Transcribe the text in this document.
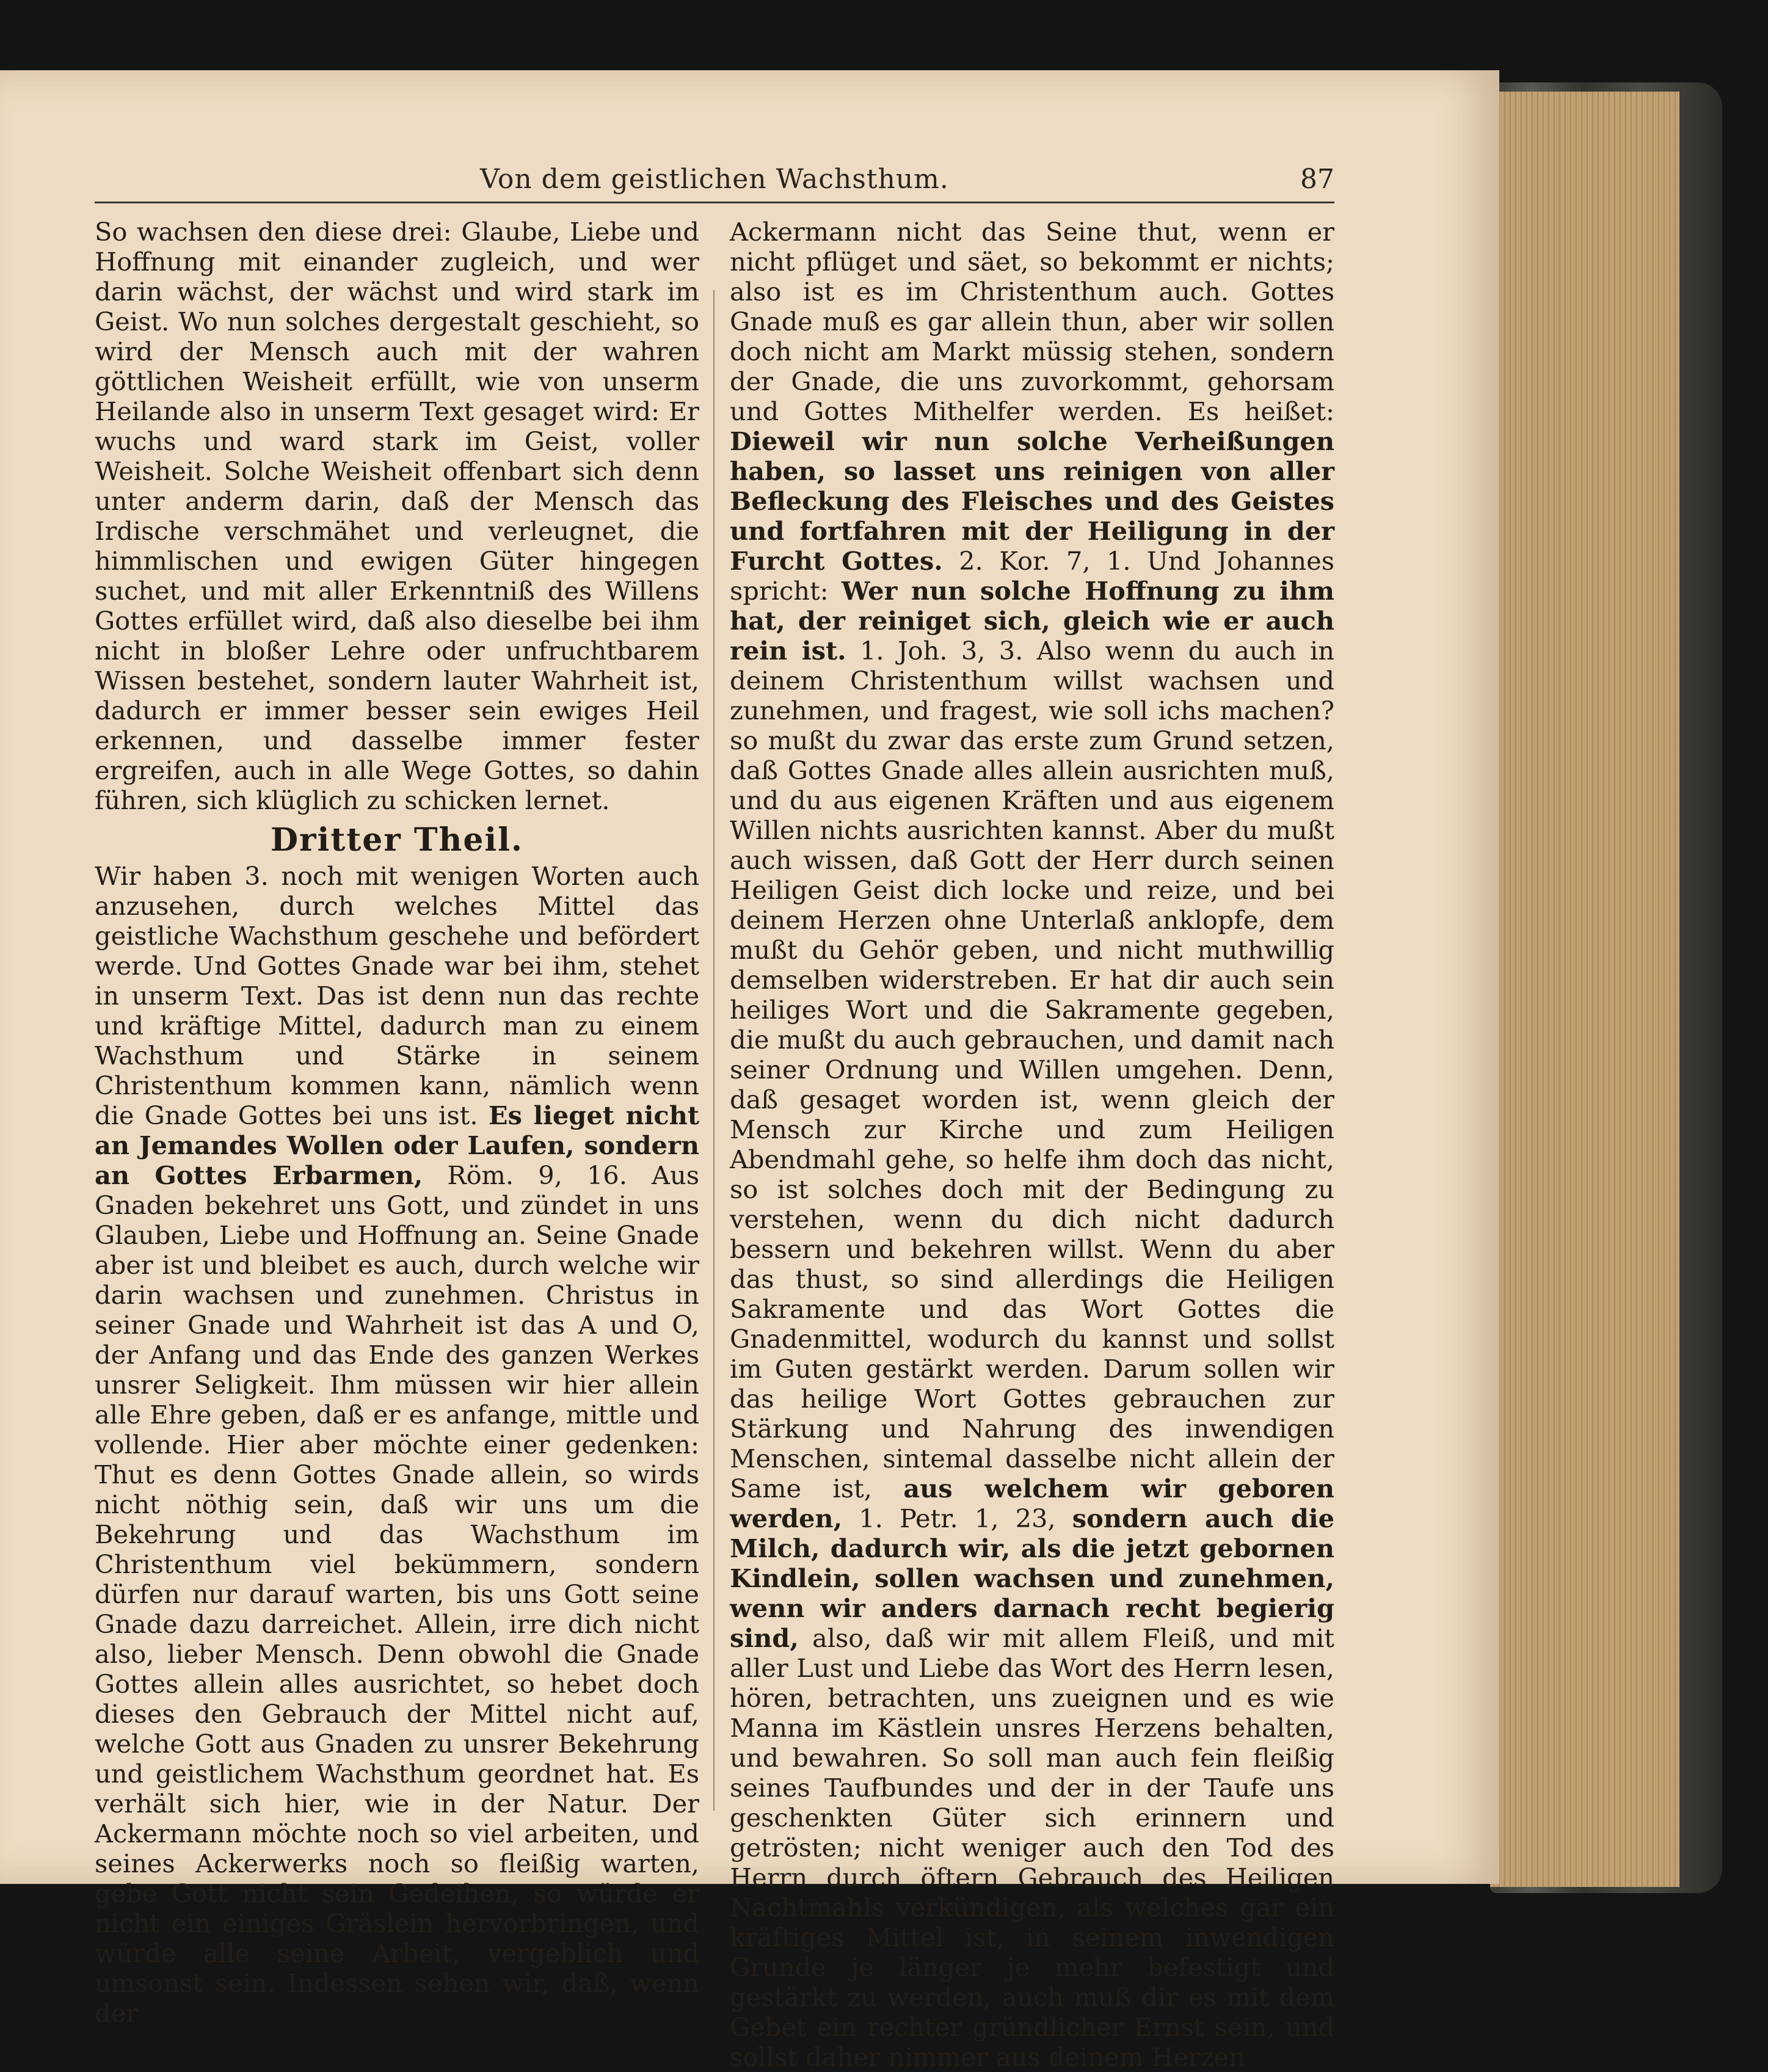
Von dem geistlichen Wachsthum.	87

So wachsen den diese drei: Glaube, Liebe und Hoffnung mit einander zugleich, und wer darin wächst, der wächst und wird stark im Geist. Wo nun solches dergestalt geschieht, so wird der Mensch auch mit der wahren göttlichen Weisheit erfüllt, wie von unserm Heilande also in unserm Text gesaget wird: Er wuchs und ward stark im Geist, voller Weisheit. Solche Weisheit offenbart sich denn unter anderm darin, daß der Mensch das Irdische verschmähet und verleugnet, die himmlischen und ewigen Güter hingegen suchet, und mit aller Erkenntniß des Willens Gottes erfüllet wird, daß also dieselbe bei ihm nicht in bloßer Lehre oder unfruchtbarem Wissen bestehet, sondern lauter Wahrheit ist, dadurch er immer besser sein ewiges Heil erkennen, und dasselbe immer fester ergreifen, auch in alle Wege Gottes, so dahin führen, sich klüglich zu schicken lernet.

Dritter Theil.

Wir haben 3. noch mit wenigen Worten auch anzusehen, durch welches Mittel das geistliche Wachsthum geschehe und befördert werde. Und Gottes Gnade war bei ihm, stehet in unserm Text. Das ist denn nun das rechte und kräftige Mittel, dadurch man zu einem Wachsthum und Stärke in seinem Christenthum kommen kann, nämlich wenn die Gnade Gottes bei uns ist. Es lieget nicht an Jemandes Wollen oder Laufen, sondern an Gottes Erbarmen, Röm. 9, 16. Aus Gnaden bekehret uns Gott, und zündet in uns Glauben, Liebe und Hoffnung an. Seine Gnade aber ist und bleibet es auch, durch welche wir darin wachsen und zunehmen. Christus in seiner Gnade und Wahrheit ist das A und O, der Anfang und das Ende des ganzen Werkes unsrer Seligkeit. Ihm müssen wir hier allein alle Ehre geben, daß er es anfange, mittle und vollende. Hier aber möchte einer gedenken: Thut es denn Gottes Gnade allein, so wirds nicht nöthig sein, daß wir uns um die Bekehrung und das Wachsthum im Christenthum viel bekümmern, sondern dürfen nur darauf warten, bis uns Gott seine Gnade dazu darreichet. Allein, irre dich nicht also, lieber Mensch. Denn obwohl die Gnade Gottes allein alles ausrichtet, so hebet doch dieses den Gebrauch der Mittel nicht auf, welche Gott aus Gnaden zu unsrer Bekehrung und geistlichem Wachsthum geordnet hat. Es verhält sich hier, wie in der Natur. Der Ackermann möchte noch so viel arbeiten, und seines Ackerwerks noch so fleißig warten, gebe Gott nicht sein Gedeihen, so würde er nicht ein einiges Gräslein hervorbringen, und würde alle seine Arbeit, vergeblich und umsonst sein. Indessen sehen wir, daß, wenn der

Ackermann nicht das Seine thut, wenn er nicht pflüget und säet, so bekommt er nichts; also ist es im Christenthum auch. Gottes Gnade muß es gar allein thun, aber wir sollen doch nicht am Markt müssig stehen, sondern der Gnade, die uns zuvorkommt, gehorsam und Gottes Mithelfer werden. Es heißet: Dieweil wir nun solche Verheißungen haben, so lasset uns reinigen von aller Befleckung des Fleisches und des Geistes und fortfahren mit der Heiligung in der Furcht Gottes. 2. Kor. 7, 1. Und Johannes spricht: Wer nun solche Hoffnung zu ihm hat, der reiniget sich, gleich wie er auch rein ist. 1. Joh. 3, 3. Also wenn du auch in deinem Christenthum willst wachsen und zunehmen, und fragest, wie soll ichs machen? so mußt du zwar das erste zum Grund setzen, daß Gottes Gnade alles allein ausrichten muß, und du aus eigenen Kräften und aus eigenem Willen nichts ausrichten kannst. Aber du mußt auch wissen, daß Gott der Herr durch seinen Heiligen Geist dich locke und reize, und bei deinem Herzen ohne Unterlaß anklopfe, dem mußt du Gehör geben, und nicht muthwillig demselben widerstreben. Er hat dir auch sein heiliges Wort und die Sakramente gegeben, die mußt du auch gebrauchen, und damit nach seiner Ordnung und Willen umgehen. Denn, daß gesaget worden ist, wenn gleich der Mensch zur Kirche und zum Heiligen Abendmahl gehe, so helfe ihm doch das nicht, so ist solches doch mit der Bedingung zu verstehen, wenn du dich nicht dadurch bessern und bekehren willst. Wenn du aber das thust, so sind allerdings die Heiligen Sakramente und das Wort Gottes die Gnadenmittel, wodurch du kannst und sollst im Guten gestärkt werden. Darum sollen wir das heilige Wort Gottes gebrauchen zur Stärkung und Nahrung des inwendigen Menschen, sintemal dasselbe nicht allein der Same ist, aus welchem wir geboren werden, 1. Petr. 1, 23, sondern auch die Milch, dadurch wir, als die jetzt gebornen Kindlein, sollen wachsen und zunehmen, wenn wir anders darnach recht begierig sind, also, daß wir mit allem Fleiß, und mit aller Lust und Liebe das Wort des Herrn lesen, hören, betrachten, uns zueignen und es wie Manna im Kästlein unsres Herzens behalten, und bewahren. So soll man auch fein fleißig seines Taufbundes und der in der Taufe uns geschenkten Güter sich erinnern und getrösten; nicht weniger auch den Tod des Herrn durch öftern Gebrauch des Heiligen Nachtmahls verkündigen, als welches gar ein kräftiges Mittel ist, in seinem inwendigen Grunde je länger je mehr befestigt und gestärkt zu werden, auch muß dir es mit dem Gebet ein rechter gründlicher Ernst sein, und sollst daher nimmer aus deinem Herzen
